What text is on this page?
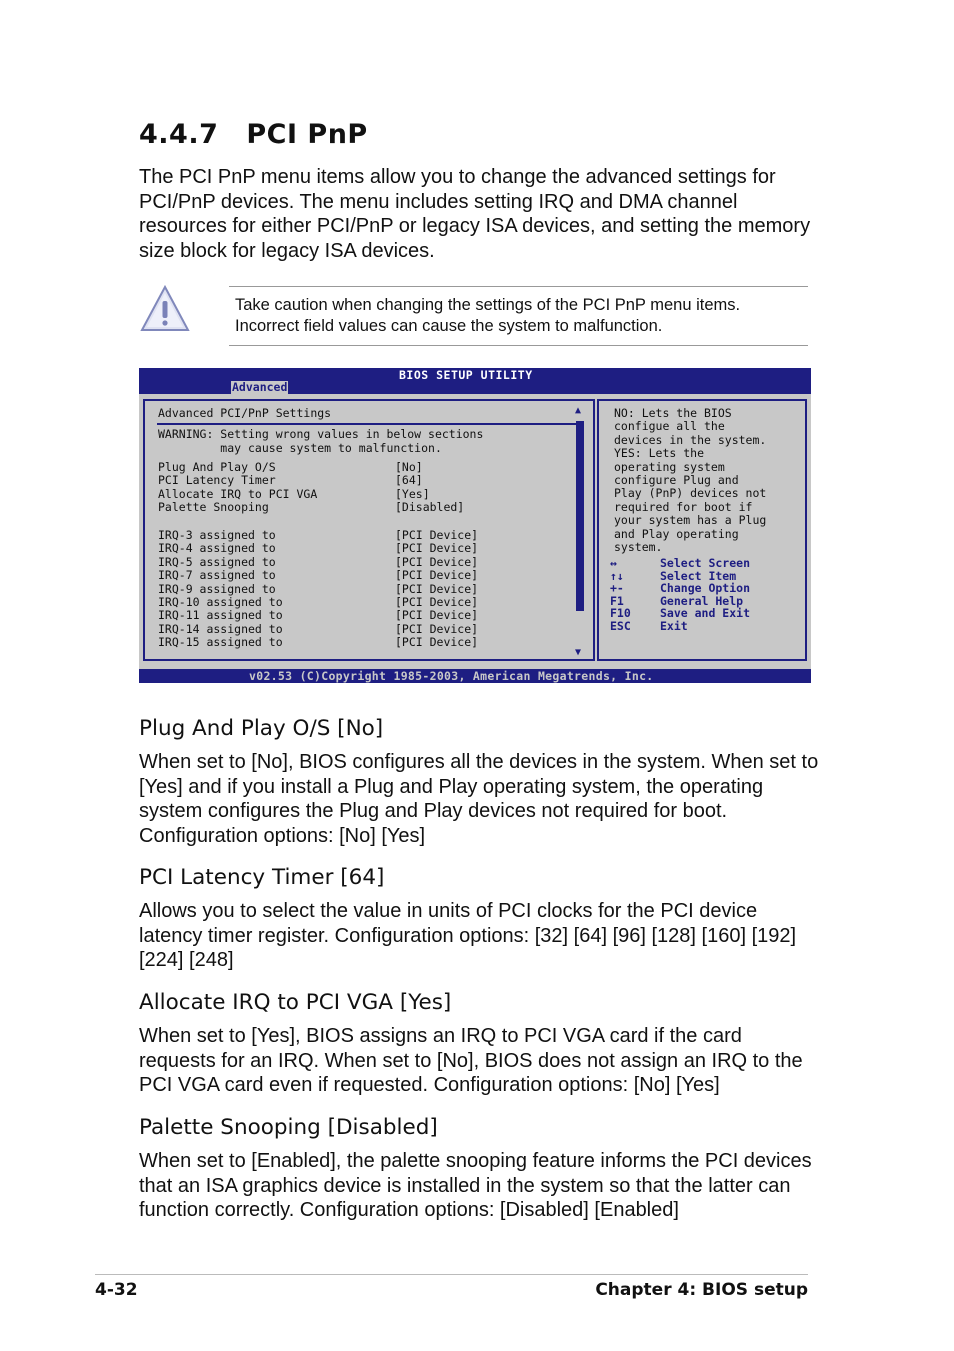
4.4.7 PCI PnP

The PCI PnP menu items allow you to change the advanced settings for PCI/PnP devices. The menu includes setting IRQ and DMA channel resources for either PCI/PnP or legacy ISA devices, and setting the memory size block for legacy ISA devices.

Take caution when changing the settings of the PCI PnP menu items. Incorrect field values can cause the system to malfunction.
BIOS SETUP UTILITY
Advanced
Advanced PCI/PnP Settings
WARNING: Setting wrong values in below sections
may cause system to malfunction.
Plug And Play O/S	[No]
PCI Latency Timer	[64]
Allocate IRQ to PCI VGA	[Yes]
Palette Snooping	[Disabled]
IRQ-3 assigned to	[PCI Device]
IRQ-4 assigned to	[PCI Device]
IRQ-5 assigned to	[PCI Device]
IRQ-7 assigned to	[PCI Device]
IRQ-9 assigned to	[PCI Device]
IRQ-10 assigned to	[PCI Device]
IRQ-11 assigned to	[PCI Device]
IRQ-14 assigned to	[PCI Device]
IRQ-15 assigned to	[PCI Device]
▲
▼
NO: Lets the BIOS
configue all the
devices in the system.
YES: Lets the
operating system
configure Plug and
Play (PnP) devices not
required for boot if
your system has a Plug
and Play operating
system.
↔	Select Screen
↑↓	Select Item
+-	Change Option
F1	General Help
F10	Save and Exit
ESC	Exit
v02.53 (C)Copyright 1985-2003, American Megatrends, Inc.
Plug And Play O/S [No]

When set to [No], BIOS configures all the devices in the system. When set to [Yes] and if you install a Plug and Play operating system, the operating system configures the Plug and Play devices not required for boot. Configuration options: [No] [Yes]

PCI Latency Timer [64]

Allows you to select the value in units of PCI clocks for the PCI device latency timer register. Configuration options: [32] [64] [96] [128] [160] [192] [224] [248]

Allocate IRQ to PCI VGA [Yes]

When set to [Yes], BIOS assigns an IRQ to PCI VGA card if the card requests for an IRQ. When set to [No], BIOS does not assign an IRQ to the PCI VGA card even if requested. Configuration options: [No] [Yes]

Palette Snooping [Disabled]

When set to [Enabled], the palette snooping feature informs the PCI devices that an ISA graphics device is installed in the system so that the latter can function correctly. Configuration options: [Disabled] [Enabled]

4-32	Chapter 4: BIOS setup
